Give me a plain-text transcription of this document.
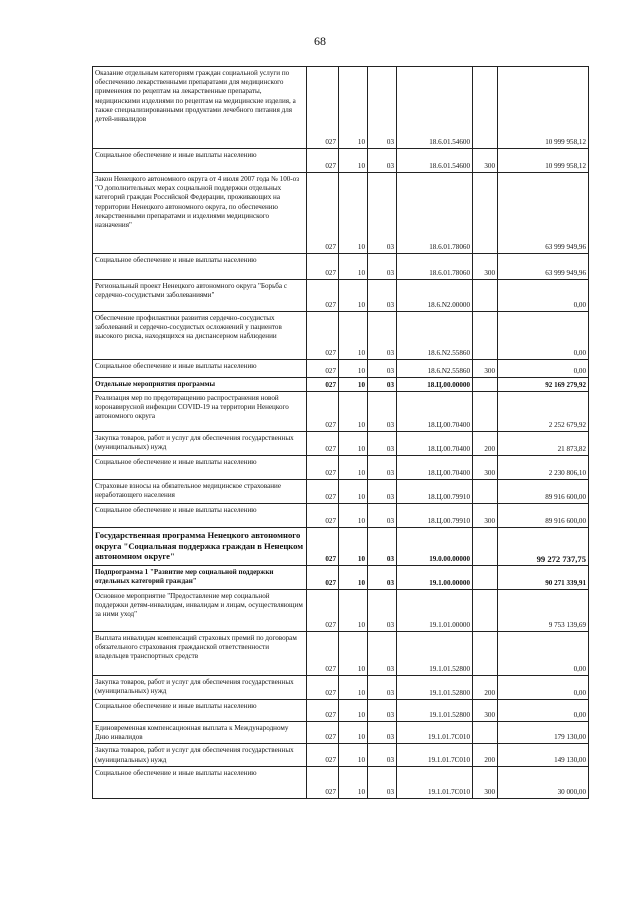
68
Оказание отдельным категориям граждан социальной услуги по обеспечению лекарственными препаратами для медицинского применения по рецептам на лекарственные препараты, медицинскими изделиями по рецептам на медицинские изделия, а также специализированными продуктами лечебного питания для детей-инвалидов	027	10	03	18.6.01.54600		10 999 958,12
Социальное обеспечение и иные выплаты населению	027	10	03	18.6.01.54600	300	10 999 958,12
Закон Ненецкого автономного округа от 4 июля 2007 года № 100-оз "О дополнительных мерах социальной поддержки отдельных категорий граждан Российской Федерации, проживающих на территории Ненецкого автономного округа, по обеспечению лекарственными препаратами и изделиями медицинского назначения"	027	10	03	18.6.01.78060		63 999 949,96
Социальное обеспечение и иные выплаты населению	027	10	03	18.6.01.78060	300	63 999 949,96
Региональный проект Ненецкого автономного округа "Борьба с сердечно-сосудистыми заболеваниями"	027	10	03	18.6.N2.00000		0,00
Обеспечение профилактики развития сердечно-сосудистых заболеваний и сердечно-сосудистых осложнений у пациентов высокого риска, находящихся на диспансерном наблюдении	027	10	03	18.6.N2.55860		0,00
Социальное обеспечение и иные выплаты населению	027	10	03	18.6.N2.55860	300	0,00
Отдельные мероприятия программы	027	10	03	18.Ц.00.00000		92 169 279,92
Реализация мер по предотвращению распространения новой коронавирусной инфекции COVID-19 на территории Ненецкого автономного округа	027	10	03	18.Ц.00.70400		2 252 679,92
Закупка товаров, работ и услуг для обеспечения государственных (муниципальных) нужд	027	10	03	18.Ц.00.70400	200	21 873,82
Социальное обеспечение и иные выплаты населению	027	10	03	18.Ц.00.70400	300	2 230 806,10
Страховые взносы на обязательное медицинское страхование неработающего населения	027	10	03	18.Ц.00.79910		89 916 600,00
Социальное обеспечение и иные выплаты населению	027	10	03	18.Ц.00.79910	300	89 916 600,00
Государственная программа Ненецкого автономного округа "Социальная поддержка граждан в Ненецком автономном округе"	027	10	03	19.0.00.00000		99 272 737,75
Подпрограмма 1 "Развитие мер социальной поддержки отдельных категорий граждан"	027	10	03	19.1.00.00000		90 271 339,91
Основное мероприятие "Предоставление мер социальной поддержки детям-инвалидам, инвалидам и лицам, осуществляющим за ними уход"	027	10	03	19.1.01.00000		9 753 139,69
Выплата инвалидам компенсаций страховых премий по договорам обязательного страхования гражданской ответственности владельцев транспортных средств	027	10	03	19.1.01.52800		0,00
Закупка товаров, работ и услуг для обеспечения государственных (муниципальных) нужд	027	10	03	19.1.01.52800	200	0,00
Социальное обеспечение и иные выплаты населению	027	10	03	19.1.01.52800	300	0,00
Единовременная компенсационная выплата к Международному Дню инвалидов	027	10	03	19.1.01.7С010		179 130,00
Закупка товаров, работ и услуг для обеспечения государственных (муниципальных) нужд	027	10	03	19.1.01.7С010	200	149 130,00
Социальное обеспечение и иные выплаты населению	027	10	03	19.1.01.7С010	300	30 000,00
